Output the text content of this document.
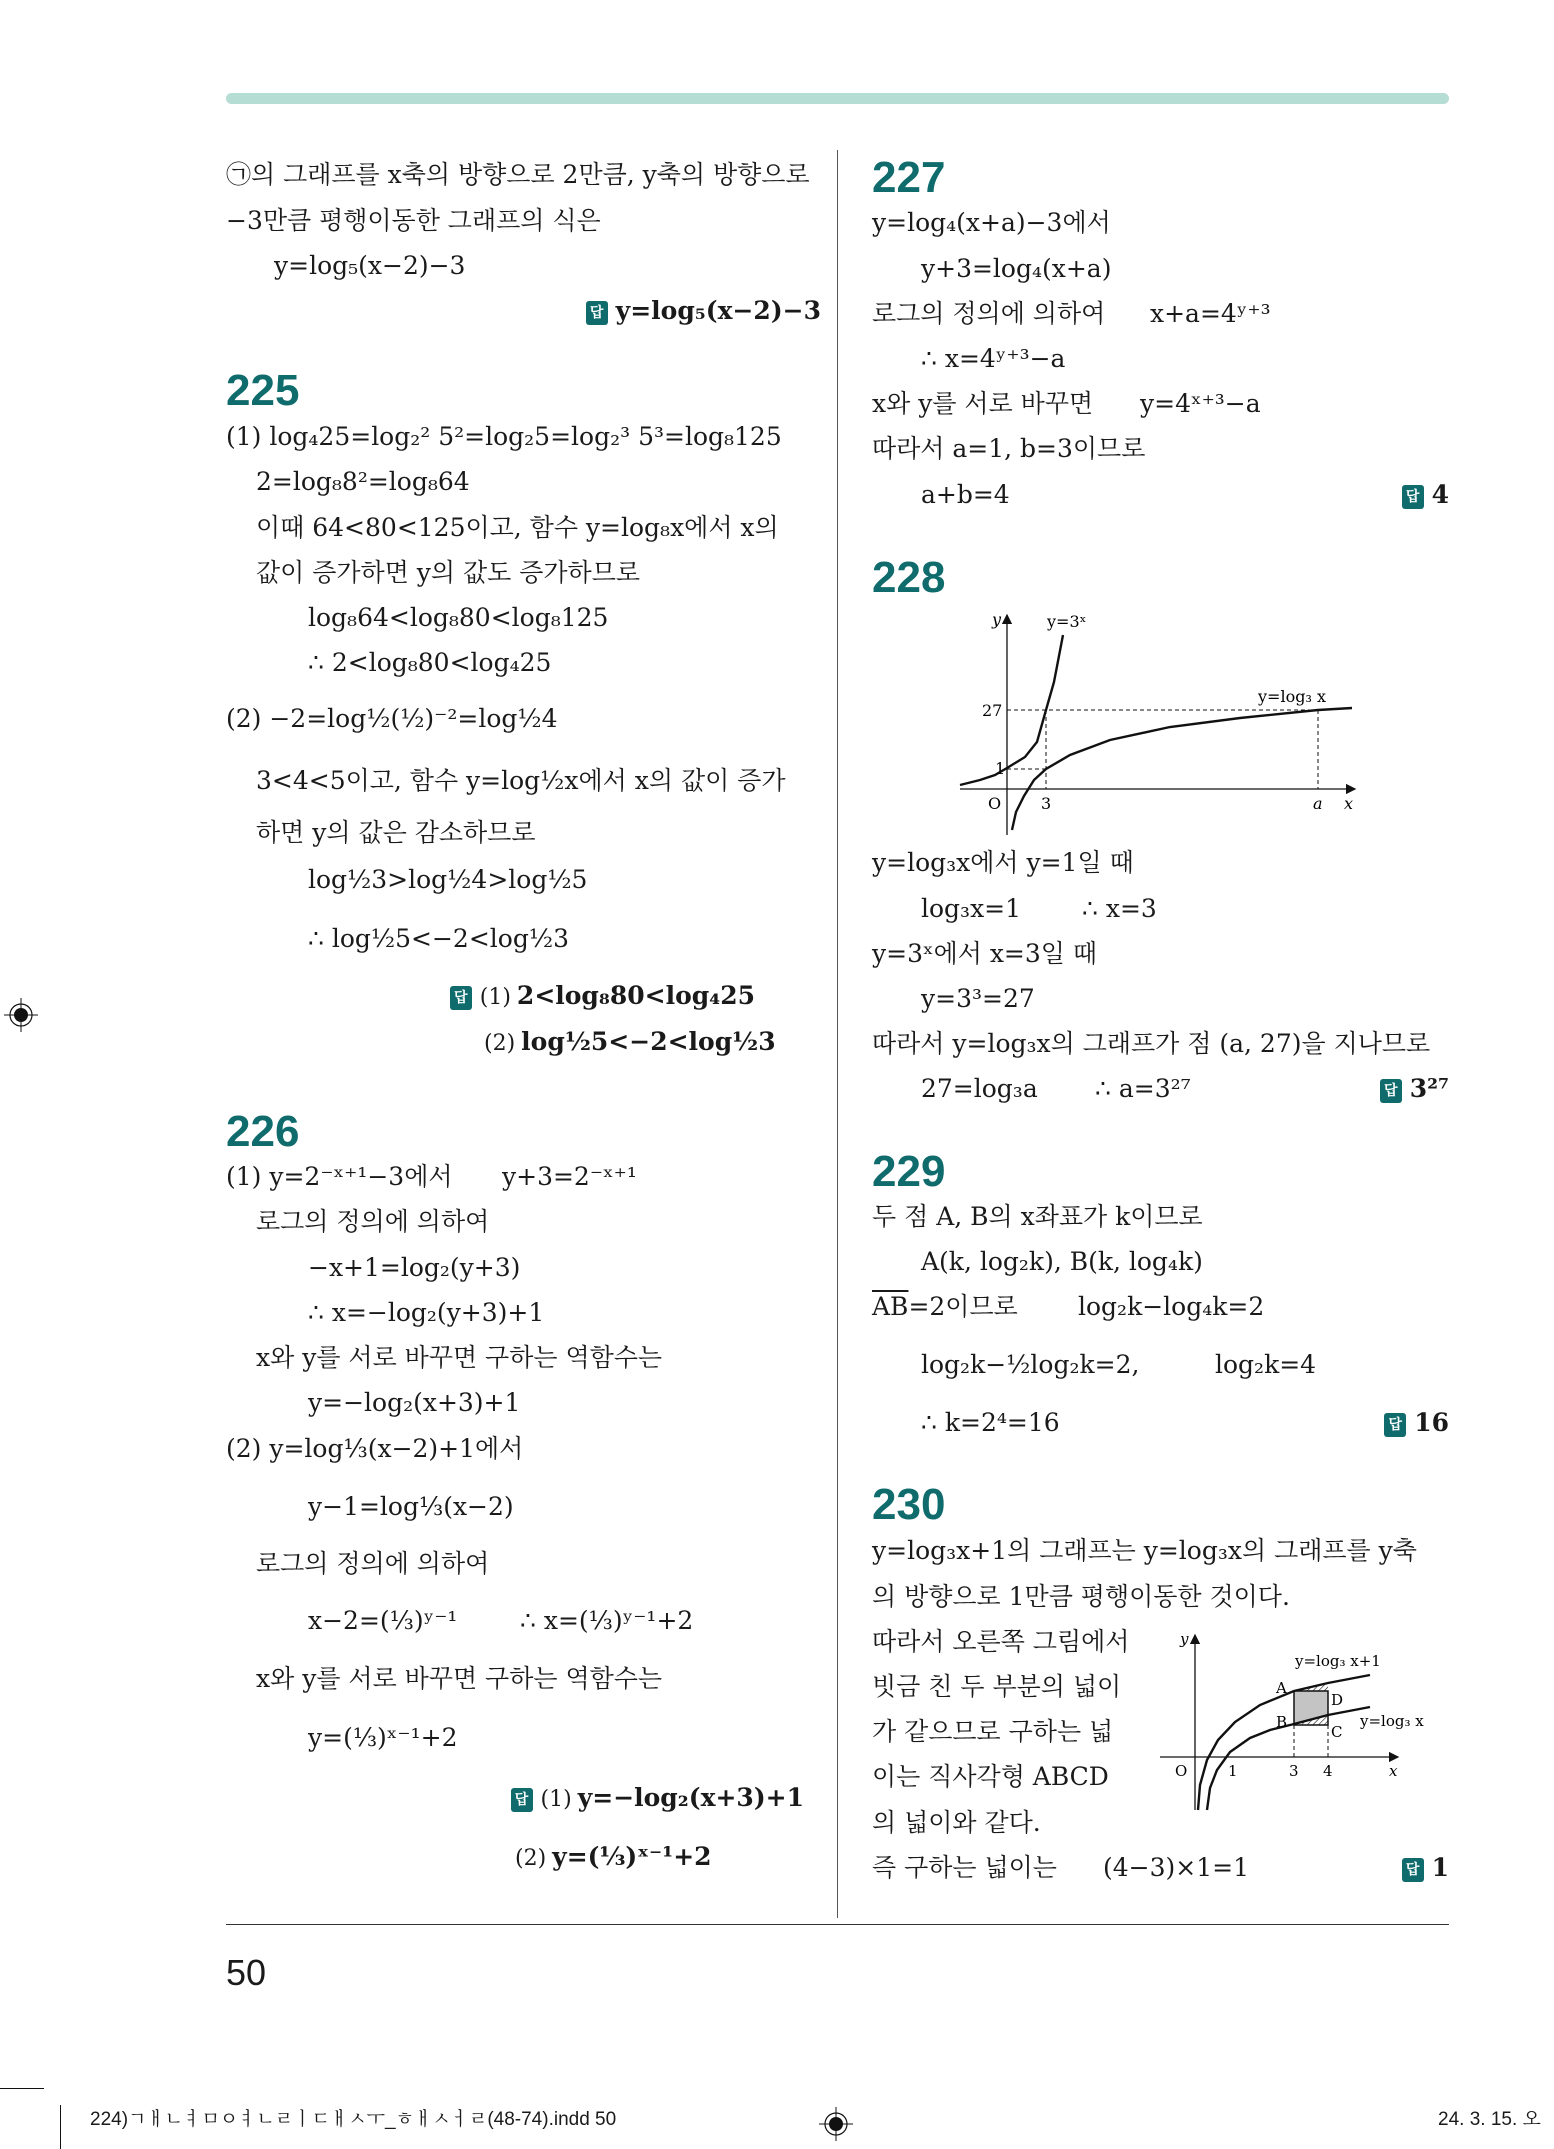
㉠의 그래프를 x축의 방향으로 2만큼, y축의 방향으로
−3만큼 평행이동한 그래프의 식은
y=log₅(x−2)−3
답 y=log₅(x−2)−3
225
(1) log₄25=log₂² 5²=log₂5=log₂³ 5³=log₈125
2=log₈8²=log₈64
이때 64<80<125이고, 함수 y=log₈x에서 x의
값이 증가하면 y의 값도 증가하므로
log₈64<log₈80<log₈125
∴ 2<log₈80<log₄25
(2) −2=log½(½)⁻²=log½4
3<4<5이고, 함수 y=log½x에서 x의 값이 증가
하면 y의 값은 감소하므로
log½3>log½4>log½5
∴ log½5<−2<log½3
답 (1) 2<log₈80<log₄25
(2) log½5<−2<log½3
226
(1) y=2⁻ˣ⁺¹−3에서	y+3=2⁻ˣ⁺¹
로그의 정의에 의하여
−x+1=log₂(y+3)
∴ x=−log₂(y+3)+1
x와 y를 서로 바꾸면 구하는 역함수는
y=−log₂(x+3)+1
(2) y=log⅓(x−2)+1에서
y−1=log⅓(x−2)
로그의 정의에 의하여
x−2=(⅓)ʸ⁻¹	∴ x=(⅓)ʸ⁻¹+2
x와 y를 서로 바꾸면 구하는 역함수는
y=(⅓)ˣ⁻¹+2
답 (1) y=−log₂(x+3)+1
(2) y=(⅓)ˣ⁻¹+2
227
y=log₄(x+a)−3에서
y+3=log₄(x+a)
로그의 정의에 의하여	x+a=4ʸ⁺³
∴ x=4ʸ⁺³−a
x와 y를 서로 바꾸면	y=4ˣ⁺³−a
따라서 a=1, b=3이므로
a+b=4	답 4
228
y	y=3ˣ
y=log₃ x
27
1
O 3	a x
y=log₃x에서 y=1일 때
log₃x=1	∴ x=3
y=3ˣ에서 x=3일 때
y=3³=27
따라서 y=log₃x의 그래프가 점 (a, 27)을 지나므로
27=log₃a	∴ a=3²⁷	답 3²⁷
229
두 점 A, B의 x좌표가 k이므로
A(k, log₂k), B(k, log₄k)
$\overline{AB}=2$이므로	log₂k−log₄k=2
log₂k−½log₂k=2,	log₂k=4
∴ k=2⁴=16	답 16
230
y=log₃x+1의 그래프는 y=log₃x의 그래프를 y축
의 방향으로 1만큼 평행이동한 것이다.
따라서 오른쪽 그림에서
빗금 친 두 부분의 넓이
가 같으므로 구하는 넓
이는 직사각형 ABCD
의 넓이와 같다.
즉 구하는 넓이는	(4−3)×1=1	답 1
y
y=log₃ x+1
y=log₃ x
A
D
B
C
O	1	3 4	x
50
224)ㄱㅐㄴㅕㅁㅇㅕㄴㄹㅣㄷㅐㅅㅜ_ㅎㅐㅅㅓㄹ(48-74).indd 50	24. 3. 15. 오
